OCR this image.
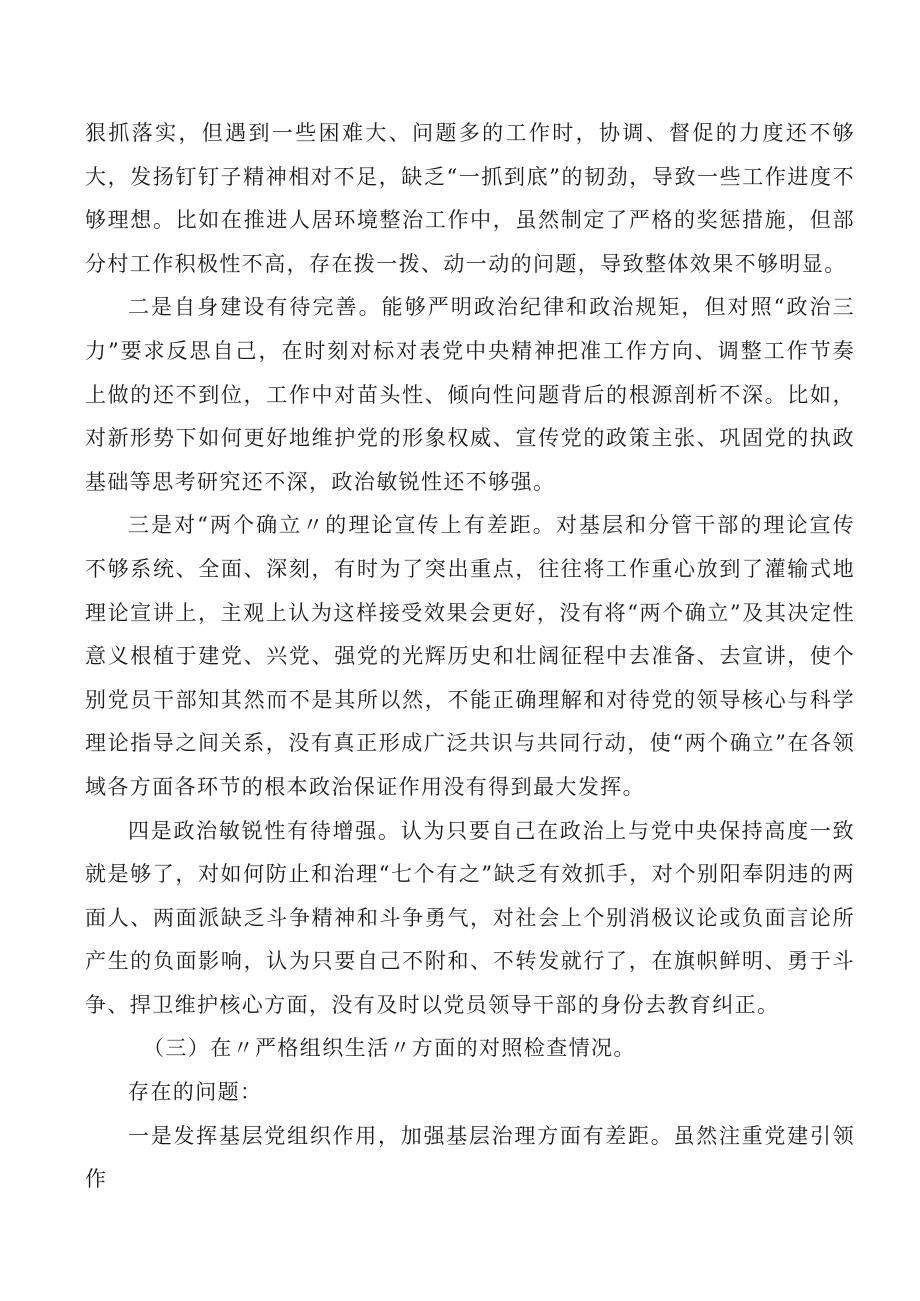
狠抓落实，但遇到一些困难大、问题多的工作时，协调、督促的力度还不够大，发扬钉钉子精神相对不足，缺乏“一抓到底”的韧劲，导致一些工作进度不够理想。比如在推进人居环境整治工作中，虽然制定了严格的奖惩措施，但部分村工作积极性不高，存在拨一拨、动一动的问题，导致整体效果不够明显。

二是自身建设有待完善。能够严明政治纪律和政治规矩，但对照“政治三力”要求反思自己，在时刻对标对表党中央精神把准工作方向、调整工作节奏上做的还不到位，工作中对苗头性、倾向性问题背后的根源剖析不深。比如，对新形势下如何更好地维护党的形象权威、宣传党的政策主张、巩固党的执政基础等思考研究还不深，政治敏锐性还不够强。

三是对“两个确立〃的理论宣传上有差距。对基层和分管干部的理论宣传不够系统、全面、深刻，有时为了突出重点，往往将工作重心放到了灌输式地理论宣讲上，主观上认为这样接受效果会更好，没有将“两个确立”及其决定性意义根植于建党、兴党、强党的光辉历史和壮阔征程中去准备、去宣讲，使个别党员干部知其然而不是其所以然，不能正确理解和对待党的领导核心与科学理论指导之间关系，没有真正形成广泛共识与共同行动，使“两个确立”在各领域各方面各环节的根本政治保证作用没有得到最大发挥。

四是政治敏锐性有待增强。认为只要自己在政治上与党中央保持高度一致就是够了，对如何防止和治理“七个有之”缺乏有效抓手，对个别阳奉阴违的两面人、两面派缺乏斗争精神和斗争勇气，对社会上个别消极议论或负面言论所产生的负面影响，认为只要自己不附和、不转发就行了，在旗帜鲜明、勇于斗争、捍卫维护核心方面，没有及时以党员领导干部的身份去教育纠正。

（三）在〃严格组织生活〃方面的对照检查情况。

存在的问题：

一是发挥基层党组织作用，加强基层治理方面有差距。虽然注重党建引领作
